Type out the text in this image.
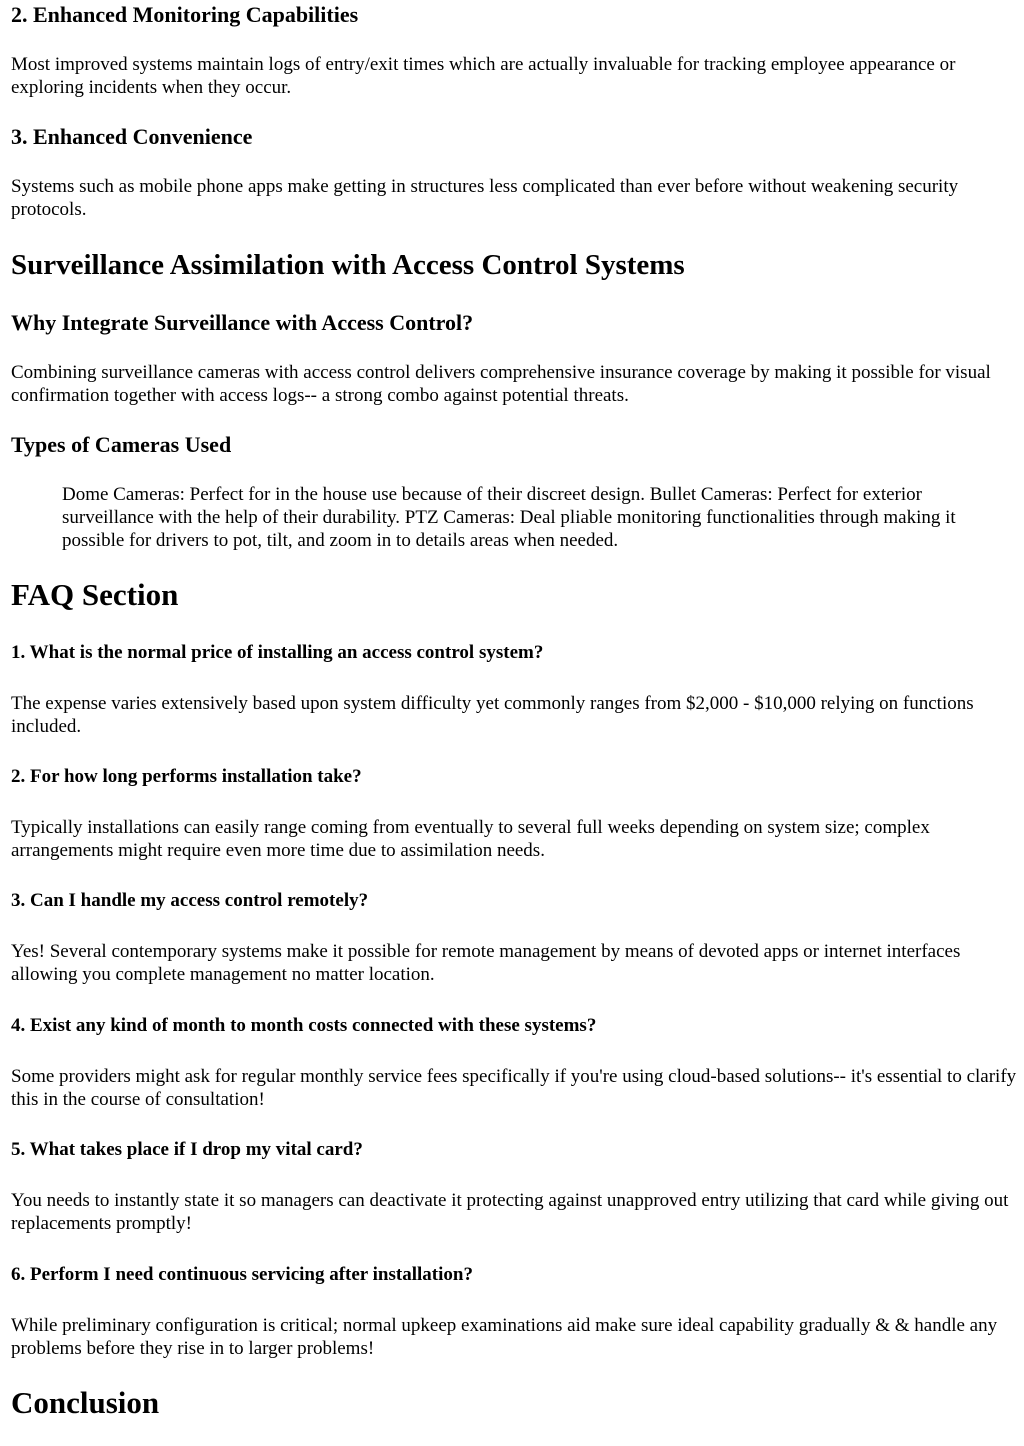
2. Enhanced Monitoring Capabilities

Most improved systems maintain logs of entry/exit times which are actually invaluable for tracking employee appearance or exploring incidents when they occur.

3. Enhanced Convenience

Systems such as mobile phone apps make getting in structures less complicated than ever before without weakening security protocols.

Surveillance Assimilation with Access Control Systems
Why Integrate Surveillance with Access Control?

Combining surveillance cameras with access control delivers comprehensive insurance coverage by making it possible for visual confirmation together with access logs-- a strong combo against potential threats.

Types of Cameras Used
Dome Cameras: Perfect for in the house use because of their discreet design. Bullet Cameras: Perfect for exterior surveillance with the help of their durability. PTZ Cameras: Deal pliable monitoring functionalities through making it possible for drivers to pot, tilt, and zoom in to details areas when needed.
FAQ Section
1. What is the normal price of installing an access control system?

The expense varies extensively based upon system difficulty yet commonly ranges from $2,000 - $10,000 relying on functions included.

2. For how long performs installation take?

Typically installations can easily range coming from eventually to several full weeks depending on system size; complex arrangements might require even more time due to assimilation needs.

3. Can I handle my access control remotely?

Yes! Several contemporary systems make it possible for remote management by means of devoted apps or internet interfaces allowing you complete management no matter location.

4. Exist any kind of month to month costs connected with these systems?

Some providers might ask for regular monthly service fees specifically if you're using cloud-based solutions-- it's essential to clarify this in the course of consultation!

5. What takes place if I drop my vital card?

You needs to instantly state it so managers can deactivate it protecting against unapproved entry utilizing that card while giving out replacements promptly!

6. Perform I need continuous servicing after installation?

While preliminary configuration is critical; normal upkeep examinations aid make sure ideal capability gradually & & handle any problems before they rise in to larger problems!

Conclusion
